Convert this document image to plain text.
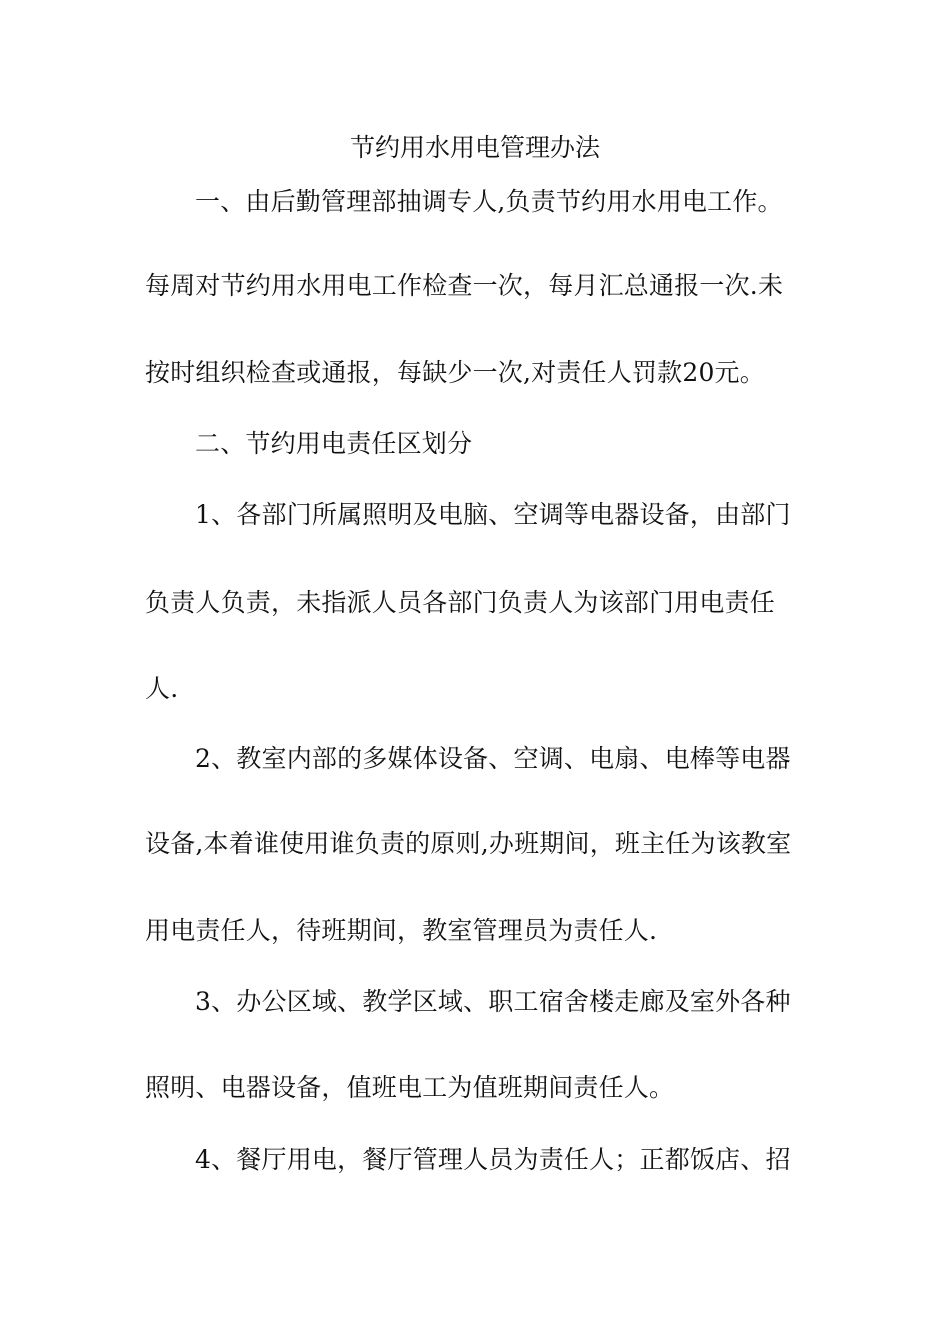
节约用水用电管理办法
一、由后勤管理部抽调专人,负责节约用水用电工作。
每周对节约用水用电工作检查一次，每月汇总通报一次.未
按时组织检查或通报，每缺少一次,对责任人罚款20元。
二、节约用电责任区划分
1、各部门所属照明及电脑、空调等电器设备，由部门
负责人负责，未指派人员各部门负责人为该部门用电责任
人.
2、教室内部的多媒体设备、空调、电扇、电棒等电器
设备,本着谁使用谁负责的原则,办班期间，班主任为该教室
用电责任人，待班期间，教室管理员为责任人.
3、办公区域、教学区域、职工宿舍楼走廊及室外各种
照明、电器设备，值班电工为值班期间责任人。
4、餐厅用电，餐厅管理人员为责任人；正都饭店、招
